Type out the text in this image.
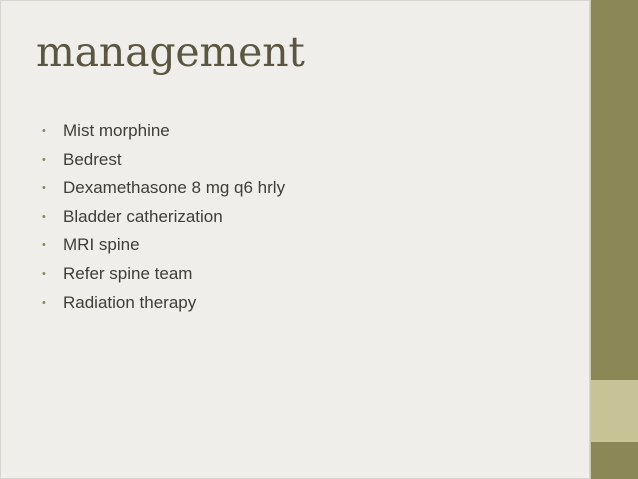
management
• Mist morphine
• Bedrest
• Dexamethasone 8 mg q6 hrly
• Bladder catherization
• MRI spine
• Refer spine team
• Radiation therapy
